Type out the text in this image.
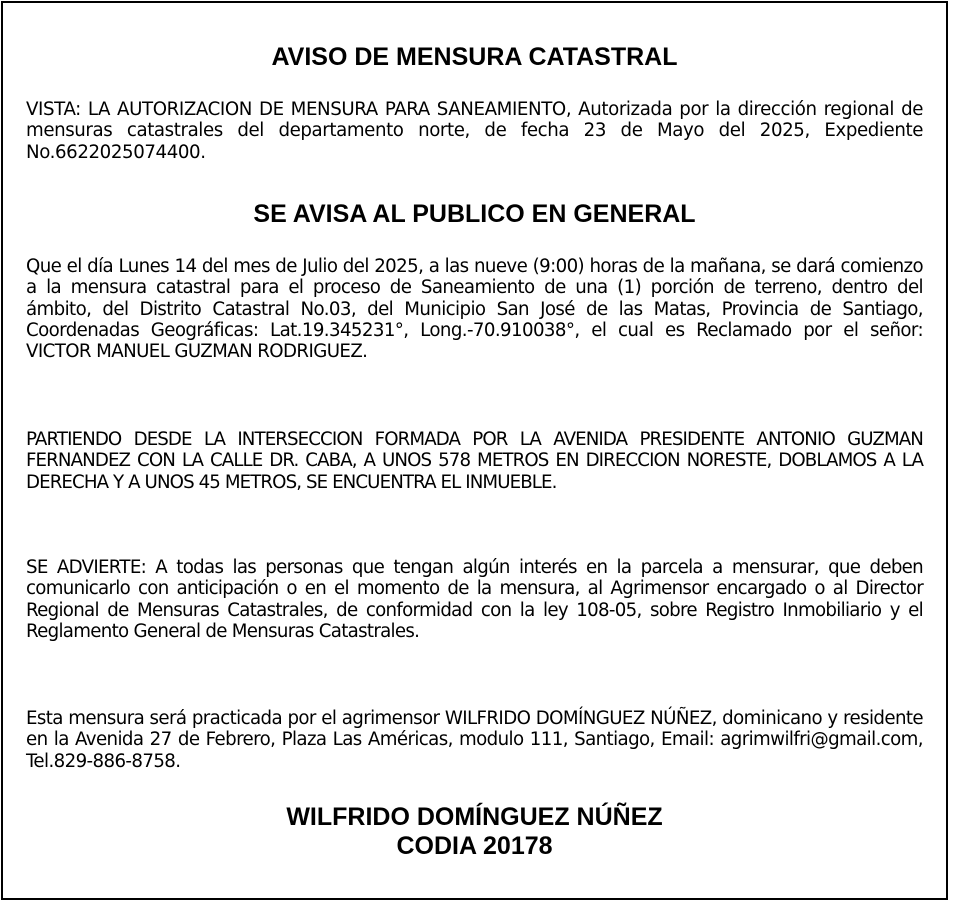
AVISO DE MENSURA CATASTRAL

VISTA: LA AUTORIZACION DE MENSURA PARA SANEAMIENTO, Autorizada por la dirección regional de mensuras catastrales del departamento norte, de fecha 23 de Mayo del 2025, Expediente No.6622025074400.

SE AVISA AL PUBLICO EN GENERAL

Que el día Lunes 14 del mes de Julio del 2025, a las nueve (9:00) horas de la mañana, se dará comienzo a la mensura catastral para el proceso de Saneamiento de una (1) porción de terreno, dentro del ámbito, del Distrito Catastral No.03, del Municipio San José de las Matas, Provincia de Santiago, Coordenadas Geográficas: Lat.19.345231°, Long.-70.910038°, el cual es Reclamado por el señor: VICTOR MANUEL GUZMAN RODRIGUEZ.

PARTIENDO DESDE LA INTERSECCION FORMADA POR LA AVENIDA PRESIDENTE ANTONIO GUZMAN FERNANDEZ CON LA CALLE DR. CABA, A UNOS 578 METROS EN DIRECCION NORESTE, DOBLAMOS A LA DERECHA Y A UNOS 45 METROS, SE ENCUENTRA EL INMUEBLE.

SE ADVIERTE: A todas las personas que tengan algún interés en la parcela a mensurar, que deben comunicarlo con anticipación o en el momento de la mensura, al Agrimensor encargado o al Director Regional de Mensuras Catastrales, de conformidad con la ley 108-05, sobre Registro Inmobiliario y el Reglamento General de Mensuras Catastrales.

Esta mensura será practicada por el agrimensor WILFRIDO DOMÍNGUEZ NÚÑEZ, dominicano y residente en la Avenida 27 de Febrero, Plaza Las Américas, modulo 111, Santiago, Email: agrimwilfri@gmail.com, Tel.829-886-8758.

WILFRIDO DOMÍNGUEZ NÚÑEZ
CODIA 20178
